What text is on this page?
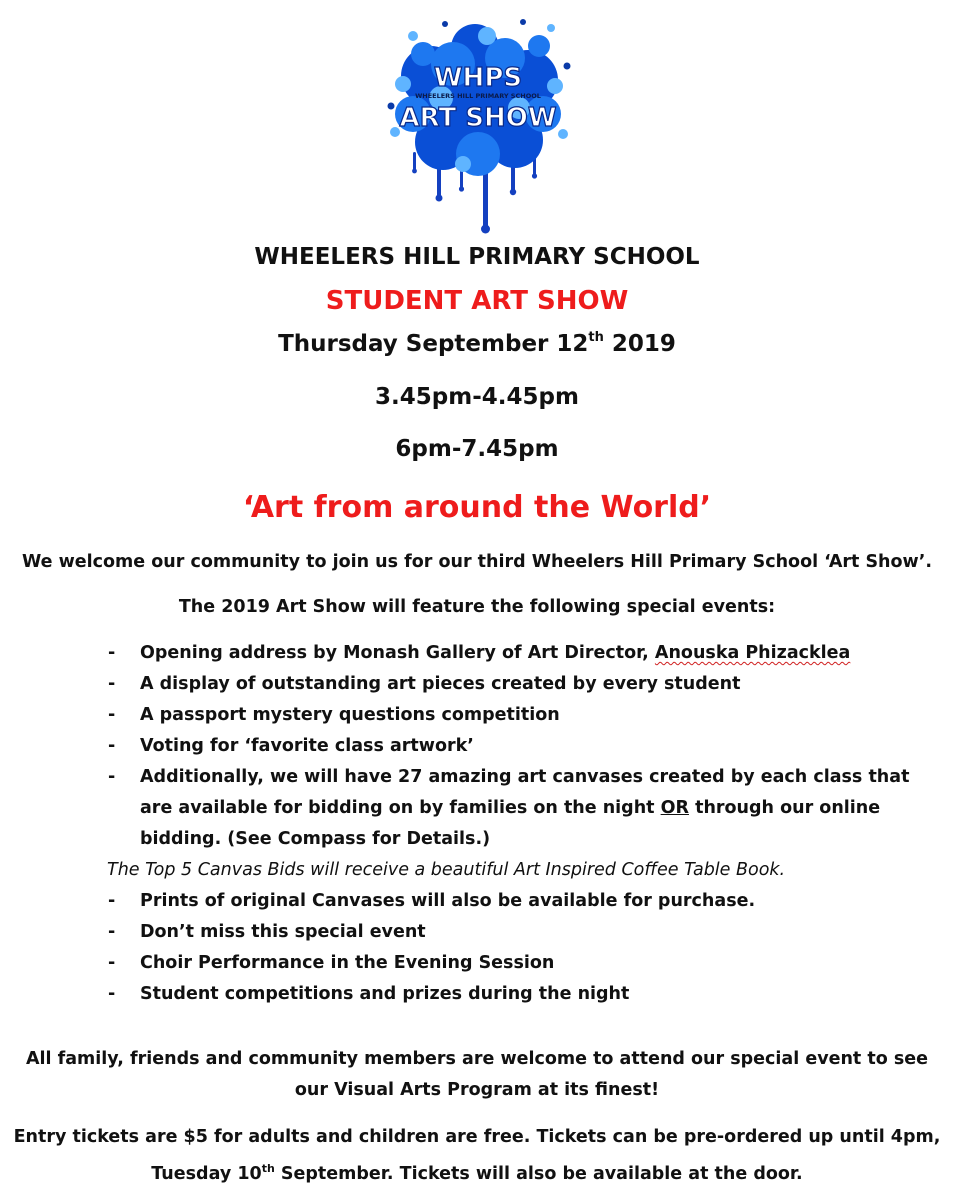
WHPS
WHEELERS HILL PRIMARY SCHOOL
ART SHOW
WHEELERS HILL PRIMARY SCHOOL
STUDENT ART SHOW
Thursday September 12th 2019
3.45pm-4.45pm
6pm-7.45pm
‘Art from around the World’
We welcome our community to join us for our third Wheelers Hill Primary School ‘Art Show’.
The 2019 Art Show will feature the following special events:
- Opening address by Monash Gallery of Art Director, Anouska Phizacklea
- A display of outstanding art pieces created by every student
- A passport mystery questions competition
- Voting for ‘favorite class artwork’
- Additionally, we will have 27 amazing art canvases created by each class that
are available for bidding on by families on the night OR through our online
bidding. (See Compass for Details.)
The Top 5 Canvas Bids will receive a beautiful Art Inspired Coffee Table Book.
- Prints of original Canvases will also be available for purchase.
- Don’t miss this special event
- Choir Performance in the Evening Session
- Student competitions and prizes during the night
All family, friends and community members are welcome to attend our special event to see
our Visual Arts Program at its finest!
Entry tickets are $5 for adults and children are free. Tickets can be pre-ordered up until 4pm,
Tuesday 10th September. Tickets will also be available at the door.
